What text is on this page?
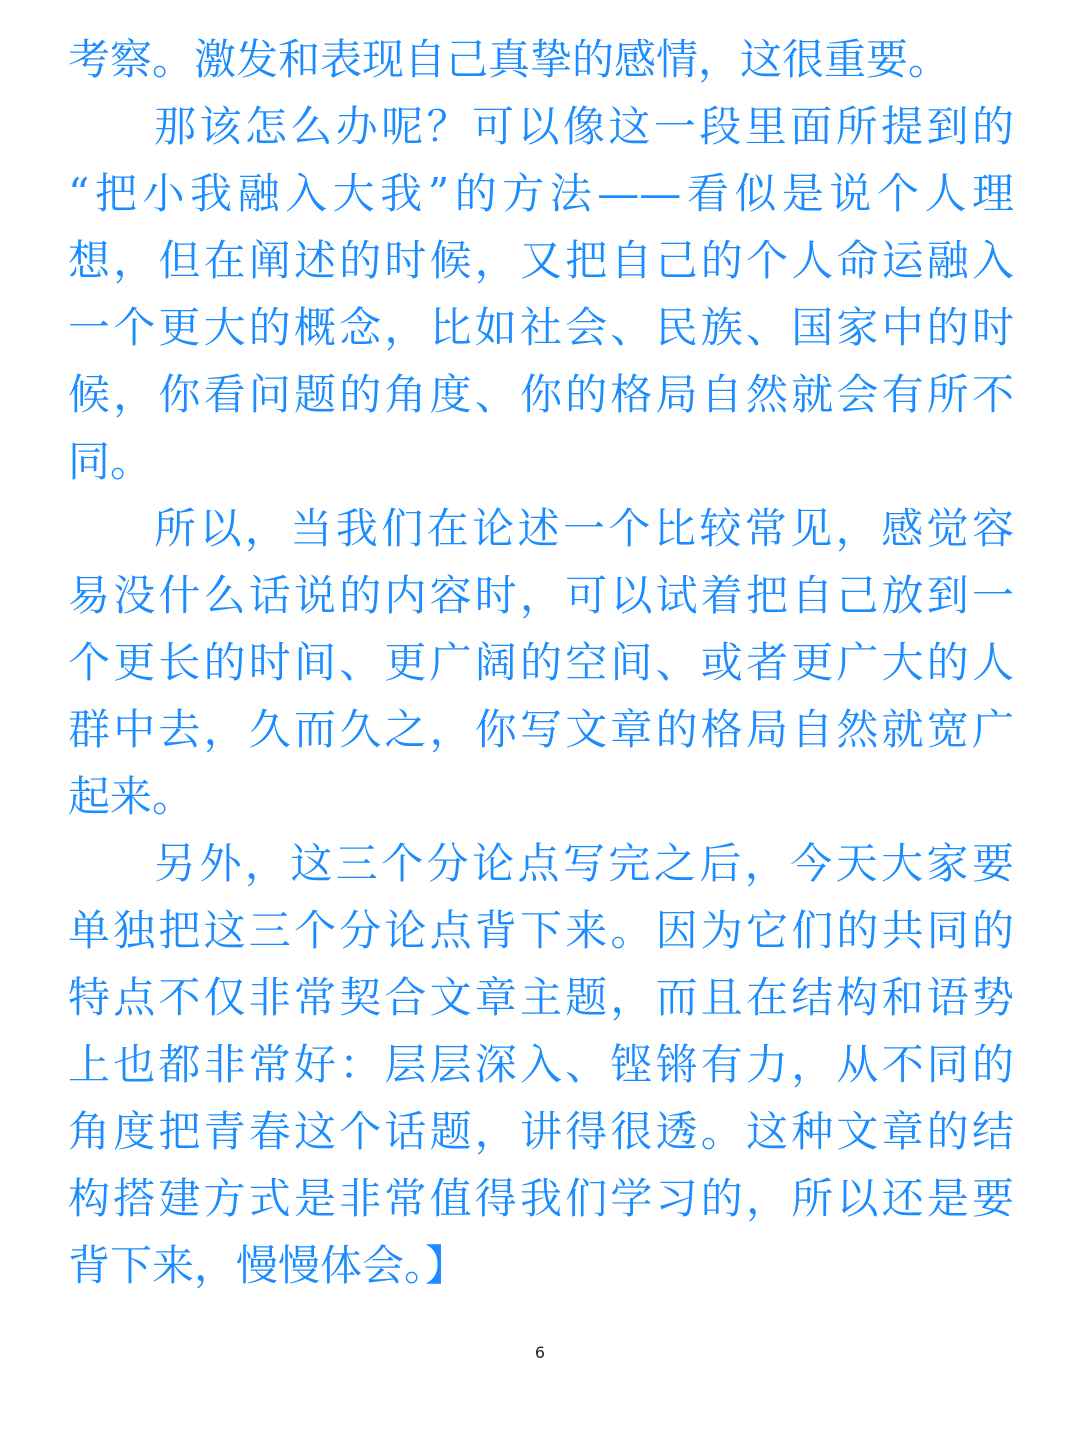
考察。激发和表现自己真挚的感情，这很重要。
那该怎么办呢？可以像这一段里面所提到的
“把小我融入大我”的方法——看似是说个人理
想，但在阐述的时候，又把自己的个人命运融入
一个更大的概念，比如社会、民族、国家中的时
候，你看问题的角度、你的格局自然就会有所不
同。
所以，当我们在论述一个比较常见，感觉容
易没什么话说的内容时，可以试着把自己放到一
个更长的时间、更广阔的空间、或者更广大的人
群中去，久而久之，你写文章的格局自然就宽广
起来。
另外，这三个分论点写完之后，今天大家要
单独把这三个分论点背下来。因为它们的共同的
特点不仅非常契合文章主题，而且在结构和语势
上也都非常好：层层深入、铿锵有力，从不同的
角度把青春这个话题，讲得很透。这种文章的结
构搭建方式是非常值得我们学习的，所以还是要
背下来，慢慢体会。】
6
